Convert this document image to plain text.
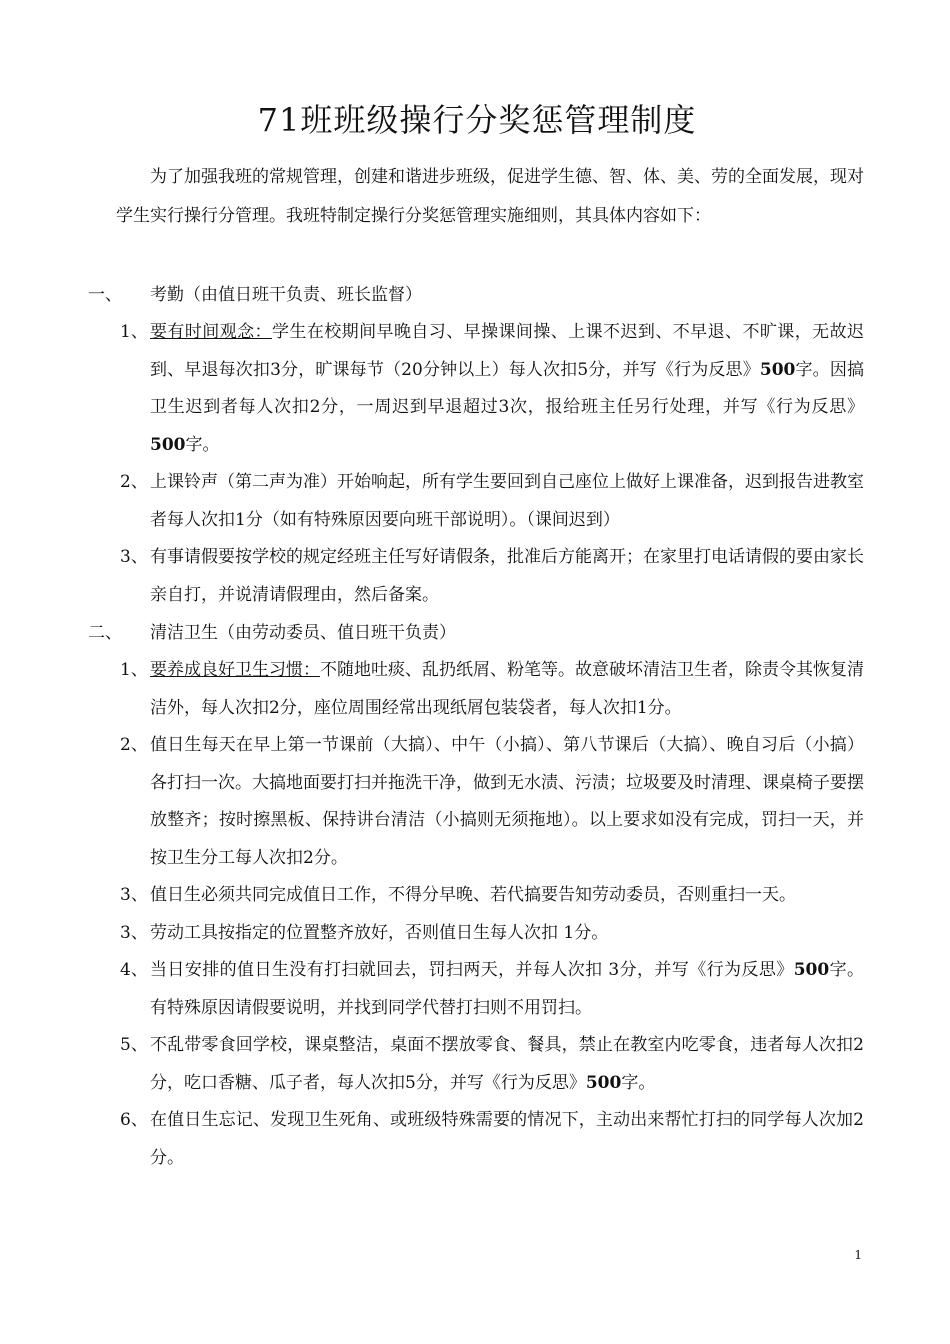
71班班级操行分奖惩管理制度

为了加强我班的常规管理，创建和谐进步班级，促进学生德、智、体、美、劳的全面发展，现对学生实行操行分管理。我班特制定操行分奖惩管理实施细则，其具体内容如下：

一、	考勤（由值日班干负责、班长监督）
1、 要有时间观念：学生在校期间早晚自习、早操课间操、上课不迟到、不早退、不旷课，无故迟到、早退每次扣3分，旷课每节（20分钟以上）每人次扣5分，并写《行为反思》500字。因搞卫生迟到者每人次扣2分，一周迟到早退超过3次，报给班主任另行处理，并写《行为反思》500字。
2、 上课铃声（第二声为准）开始响起，所有学生要回到自己座位上做好上课准备，迟到报告进教室者每人次扣1分（如有特殊原因要向班干部说明）。（课间迟到）
3、 有事请假要按学校的规定经班主任写好请假条，批准后方能离开；在家里打电话请假的要由家长亲自打，并说清请假理由，然后备案。
二、	清洁卫生（由劳动委员、值日班干负责）
1、 要养成良好卫生习惯：不随地吐痰、乱扔纸屑、粉笔等。故意破坏清洁卫生者，除责令其恢复清洁外，每人次扣2分，座位周围经常出现纸屑包装袋者，每人次扣1分。
2、 值日生每天在早上第一节课前（大搞）、中午（小搞）、第八节课后（大搞）、晚自习后（小搞）各打扫一次。大搞地面要打扫并拖洗干净，做到无水渍、污渍；垃圾要及时清理、课桌椅子要摆放整齐；按时擦黑板、保持讲台清洁（小搞则无须拖地）。以上要求如没有完成，罚扫一天，并按卫生分工每人次扣2分。
3、 值日生必须共同完成值日工作，不得分早晚、若代搞要告知劳动委员，否则重扫一天。
3、 劳动工具按指定的位置整齐放好，否则值日生每人次扣 1分。
4、 当日安排的值日生没有打扫就回去，罚扫两天，并每人次扣 3分，并写《行为反思》500字。有特殊原因请假要说明，并找到同学代替打扫则不用罚扫。
5、 不乱带零食回学校，课桌整洁，桌面不摆放零食、餐具，禁止在教室内吃零食，违者每人次扣2分，吃口香糖、瓜子者，每人次扣5分，并写《行为反思》500字。
6、 在值日生忘记、发现卫生死角、或班级特殊需要的情况下，主动出来帮忙打扫的同学每人次加2分。
1
